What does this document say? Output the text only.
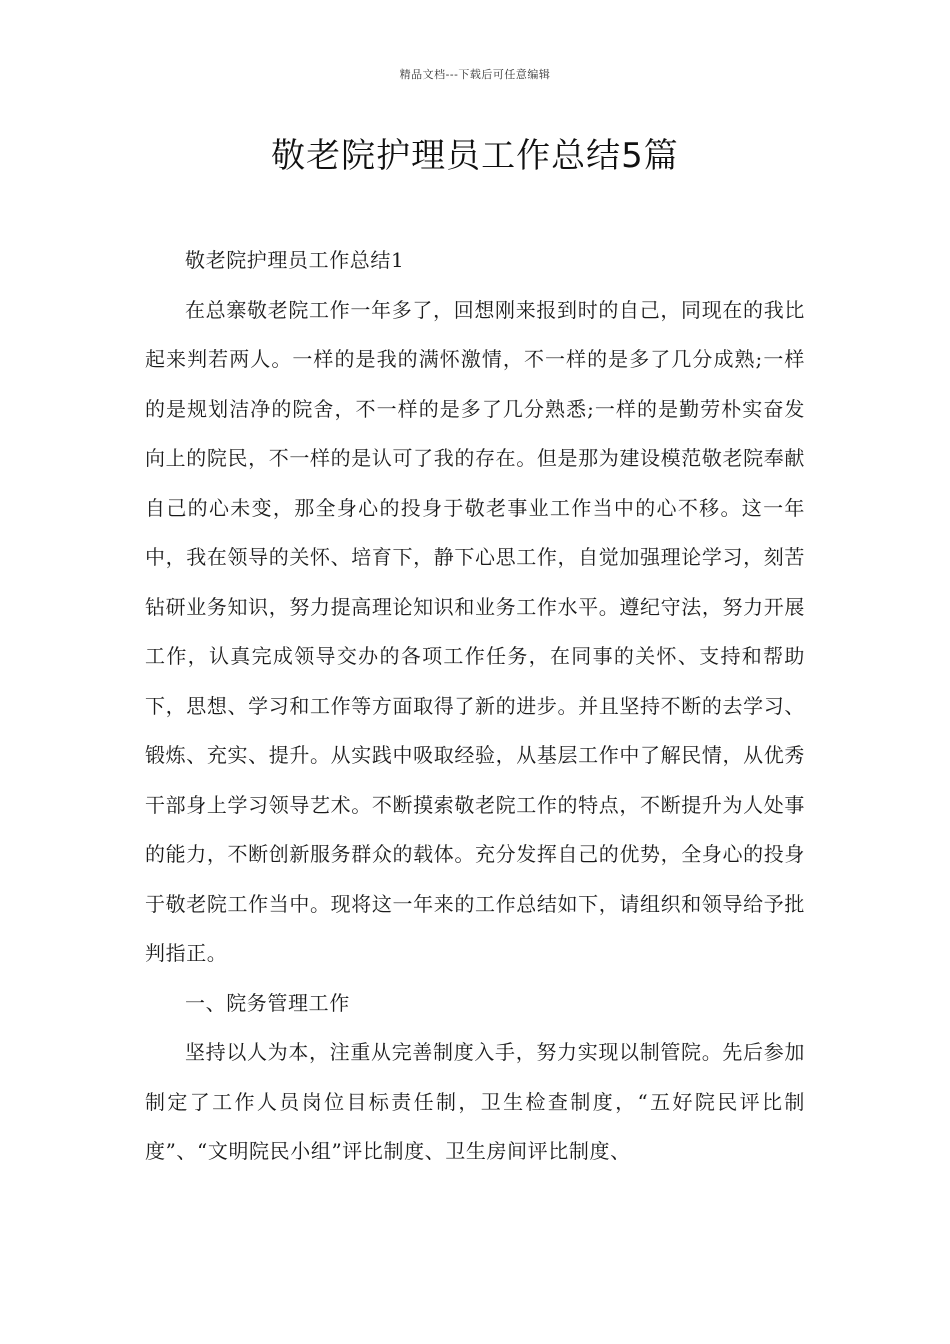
精品文档---下载后可任意编辑
敬老院护理员工作总结5篇

敬老院护理员工作总结1

在总寨敬老院工作一年多了，回想刚来报到时的自己，同现在的我比起来判若两人。一样的是我的满怀激情，不一样的是多了几分成熟;一样的是规划洁净的院舍，不一样的是多了几分熟悉;一样的是勤劳朴实奋发向上的院民，不一样的是认可了我的存在。但是那为建设模范敬老院奉献自己的心未变，那全身心的投身于敬老事业工作当中的心不移。这一年中，我在领导的关怀、培育下，静下心思工作，自觉加强理论学习，刻苦钻研业务知识，努力提高理论知识和业务工作水平。遵纪守法，努力开展工作，认真完成领导交办的各项工作任务，在同事的关怀、支持和帮助下，思想、学习和工作等方面取得了新的进步。并且坚持不断的去学习、锻炼、充实、提升。从实践中吸取经验，从基层工作中了解民情，从优秀干部身上学习领导艺术。不断摸索敬老院工作的特点，不断提升为人处事的能力，不断创新服务群众的载体。充分发挥自己的优势，全身心的投身于敬老院工作当中。现将这一年来的工作总结如下，请组织和领导给予批判指正。

一、院务管理工作

坚持以人为本，注重从完善制度入手，努力实现以制管院。先后参加制定了工作人员岗位目标责任制，卫生检查制度，“五好院民评比制度”、“文明院民小组”评比制度、卫生房间评比制度、
